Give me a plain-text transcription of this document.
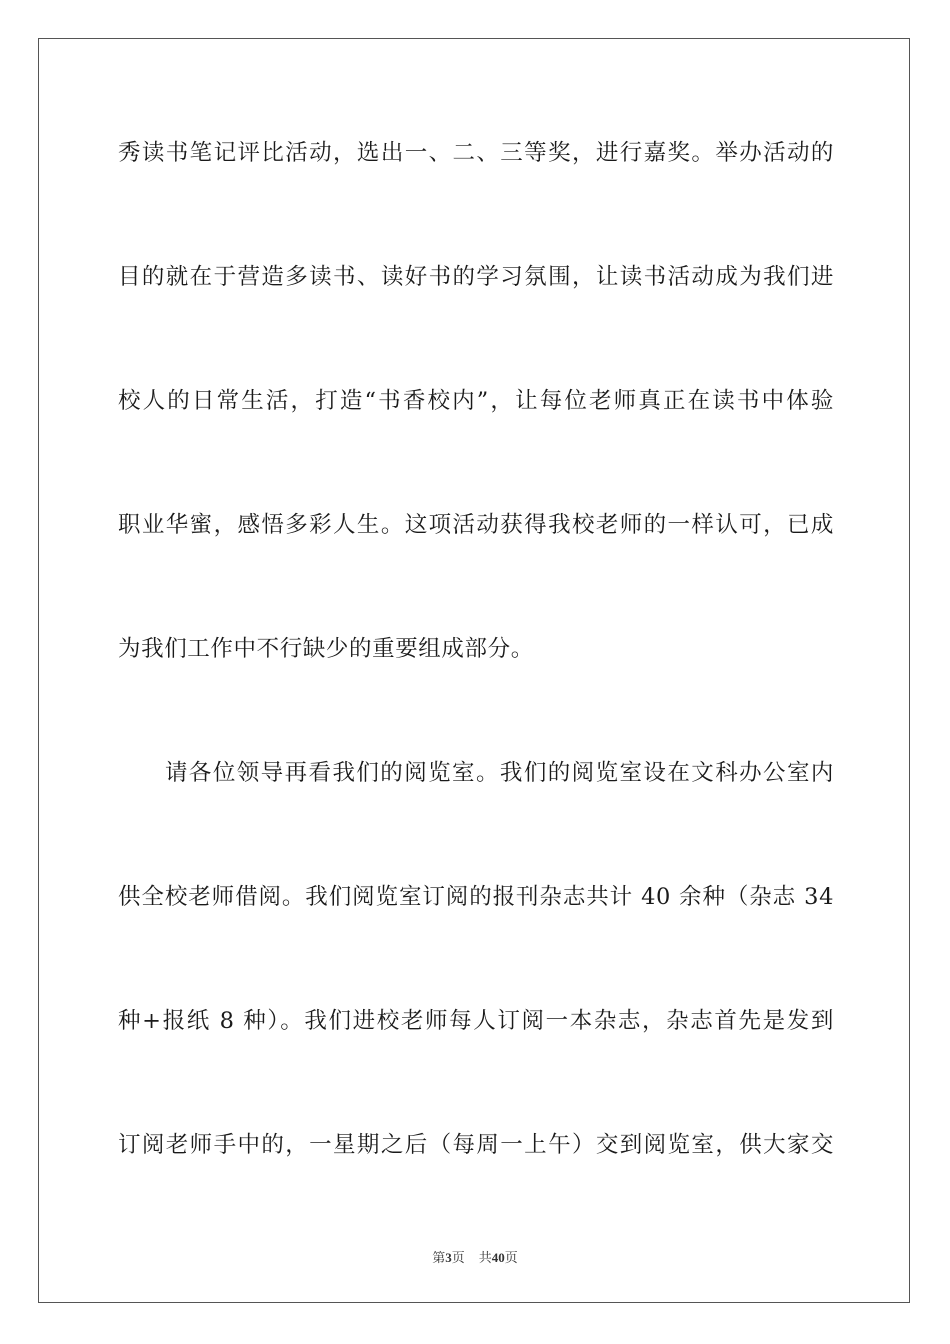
秀读书笔记评比活动，选出一、二、三等奖，进行嘉奖。举办活动的
目的就在于营造多读书、读好书的学习氛围，让读书活动成为我们进
校人的日常生活，打造“书香校内”，让每位老师真正在读书中体验
职业华蜜，感悟多彩人生。这项活动获得我校老师的一样认可，已成
为我们工作中不行缺少的重要组成部分。
请各位领导再看我们的阅览室。我们的阅览室设在文科办公室内
供全校老师借阅。我们阅览室订阅的报刊杂志共计 40 余种（杂志 34
种+报纸 8 种）。我们进校老师每人订阅一本杂志，杂志首先是发到
订阅老师手中的，一星期之后（每周一上午）交到阅览室，供大家交
第3页 共40页
